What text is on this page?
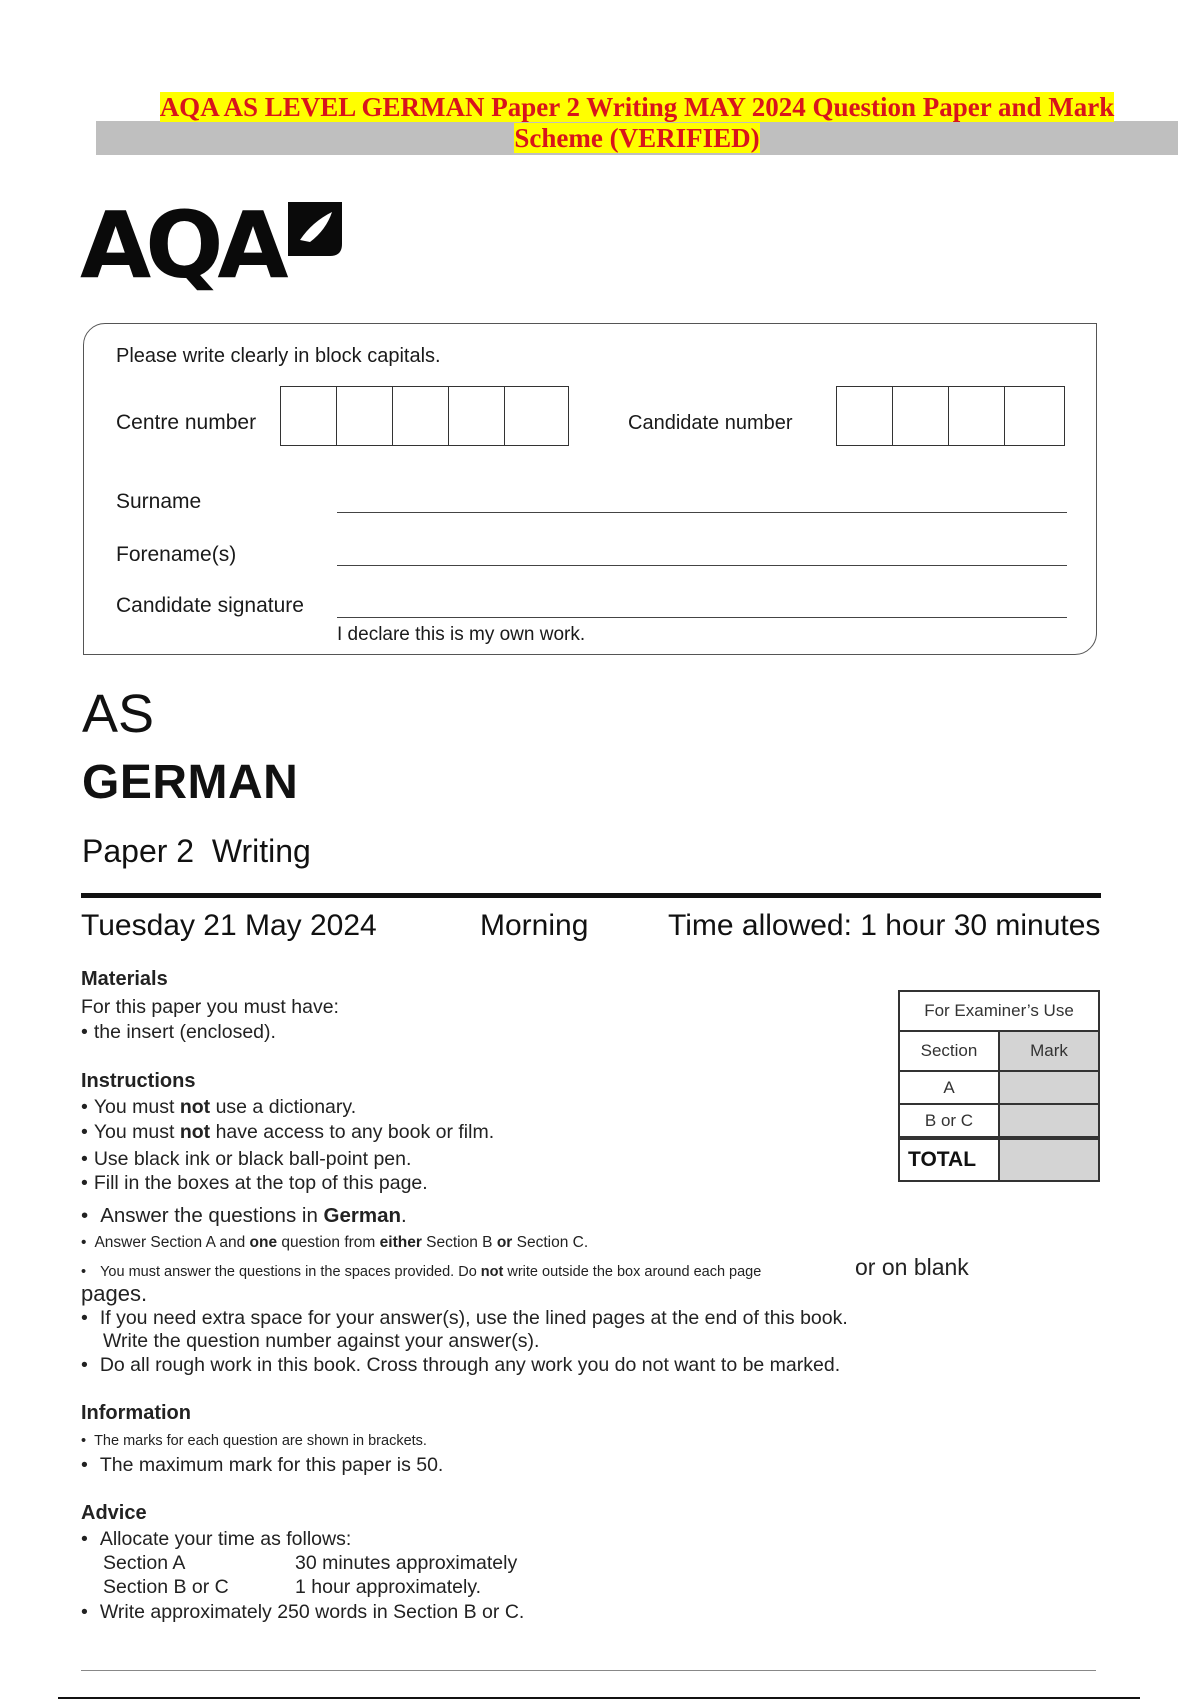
AQA AS LEVEL GERMAN Paper 2 Writing MAY 2024 Question Paper and Mark
Scheme (VERIFIED)
AQA
Please write clearly in block capitals.
Centre number	Candidate number
Surname
Forename(s)
Candidate signature
I declare this is my own work.
AS
GERMAN
Paper 2  Writing
Tuesday 21 May 2024	Morning	Time allowed: 1 hour 30 minutes
Materials
For this paper you must have:
• the insert (enclosed).
Instructions
• You must not use a dictionary.
• You must not have access to any book or film.
• Use black ink or black ball-point pen.
• Fill in the boxes at the top of this page.
• Answer the questions in German.
• Answer Section A and one question from either Section B or Section C.
• You must answer the questions in the spaces provided. Do not write outside the box around each page	or on blank
pages.
• If you need extra space for your answer(s), use the lined pages at the end of this book.
Write the question number against your answer(s).
• Do all rough work in this book. Cross through any work you do not want to be marked.
Information
• The marks for each question are shown in brackets.
• The maximum mark for this paper is 50.
Advice
• Allocate your time as follows:
Section A	30 minutes approximately
Section B or C	1 hour approximately.
• Write approximately 250 words in Section B or C.
For Examiner’s Use
Section	Mark
A
B or C
TOTAL
